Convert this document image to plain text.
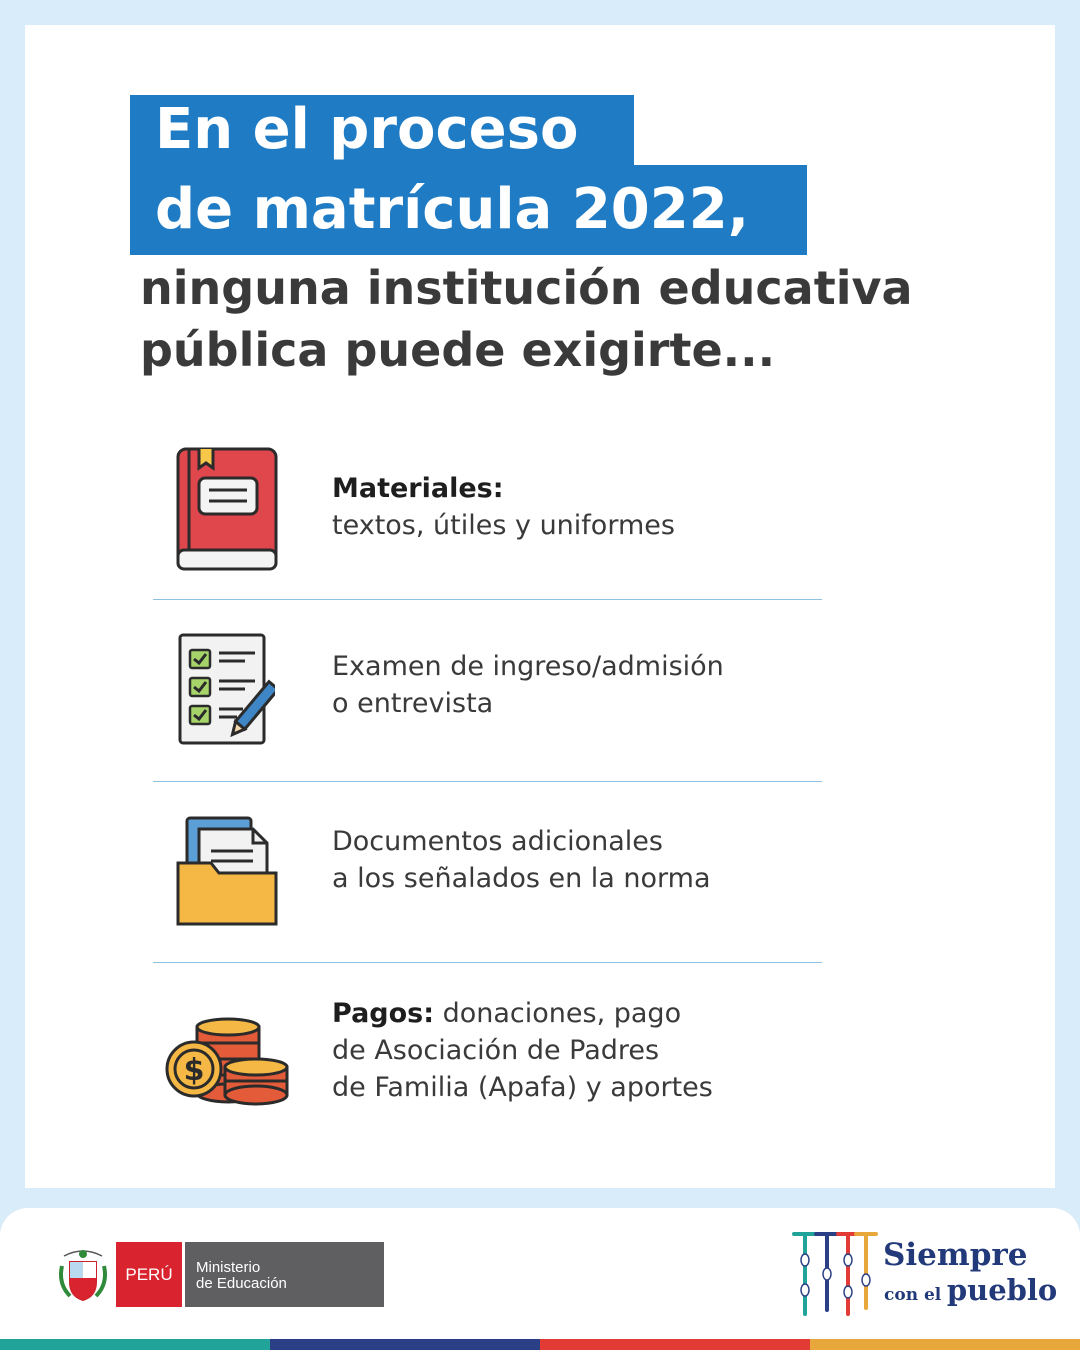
En el proceso
de matrícula 2022,
ninguna institución educativa
pública puede exigirte...
Materiales:
textos, útiles y uniformes
Examen de ingreso/admisión
o entrevista
Documentos adicionales
a los señalados en la norma
$
Pagos: donaciones, pago
de Asociación de Padres
de Familia (Apafa) y aportes
PERÚ	Ministerio
de Educación
Siempre
con el pueblo
